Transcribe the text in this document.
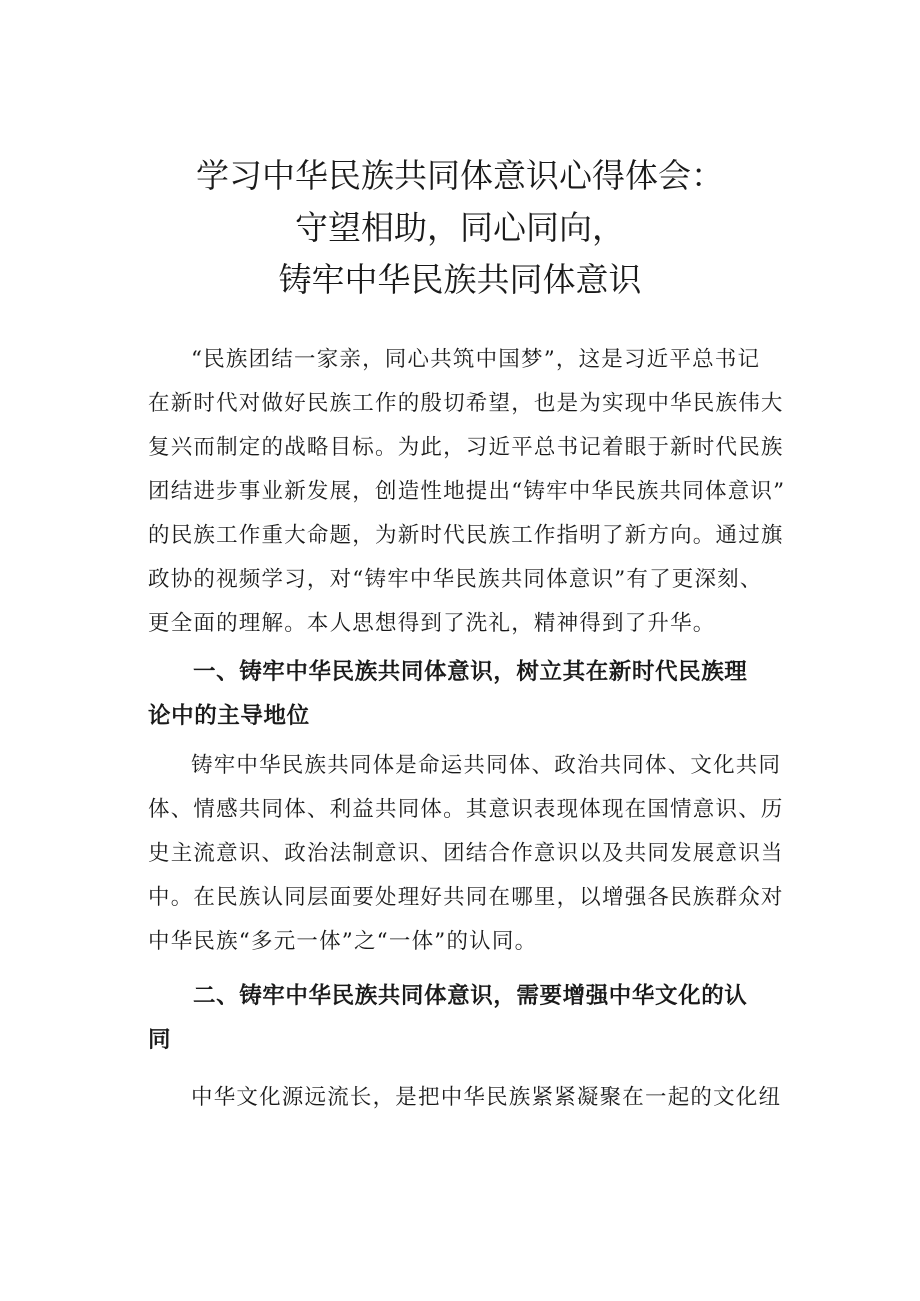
学习中华民族共同体意识心得体会：
守望相助，同心同向，
铸牢中华民族共同体意识

“民族团结一家亲，同心共筑中国梦”，这是习近平总书记
在新时代对做好民族工作的殷切希望，也是为实现中华民族伟大
复兴而制定的战略目标。为此，习近平总书记着眼于新时代民族
团结进步事业新发展，创造性地提出“铸牢中华民族共同体意识”
的民族工作重大命题，为新时代民族工作指明了新方向。通过旗
政协的视频学习，对“铸牢中华民族共同体意识”有了更深刻、
更全面的理解。本人思想得到了洗礼，精神得到了升华。

一、铸牢中华民族共同体意识，树立其在新时代民族理
论中的主导地位

铸牢中华民族共同体是命运共同体、政治共同体、文化共同
体、情感共同体、利益共同体。其意识表现体现在国情意识、历
史主流意识、政治法制意识、团结合作意识以及共同发展意识当
中。在民族认同层面要处理好共同在哪里，以增强各民族群众对
中华民族“多元一体”之“一体”的认同。

二、铸牢中华民族共同体意识，需要增强中华文化的认
同

中华文化源远流长，是把中华民族紧紧凝聚在一起的文化纽
